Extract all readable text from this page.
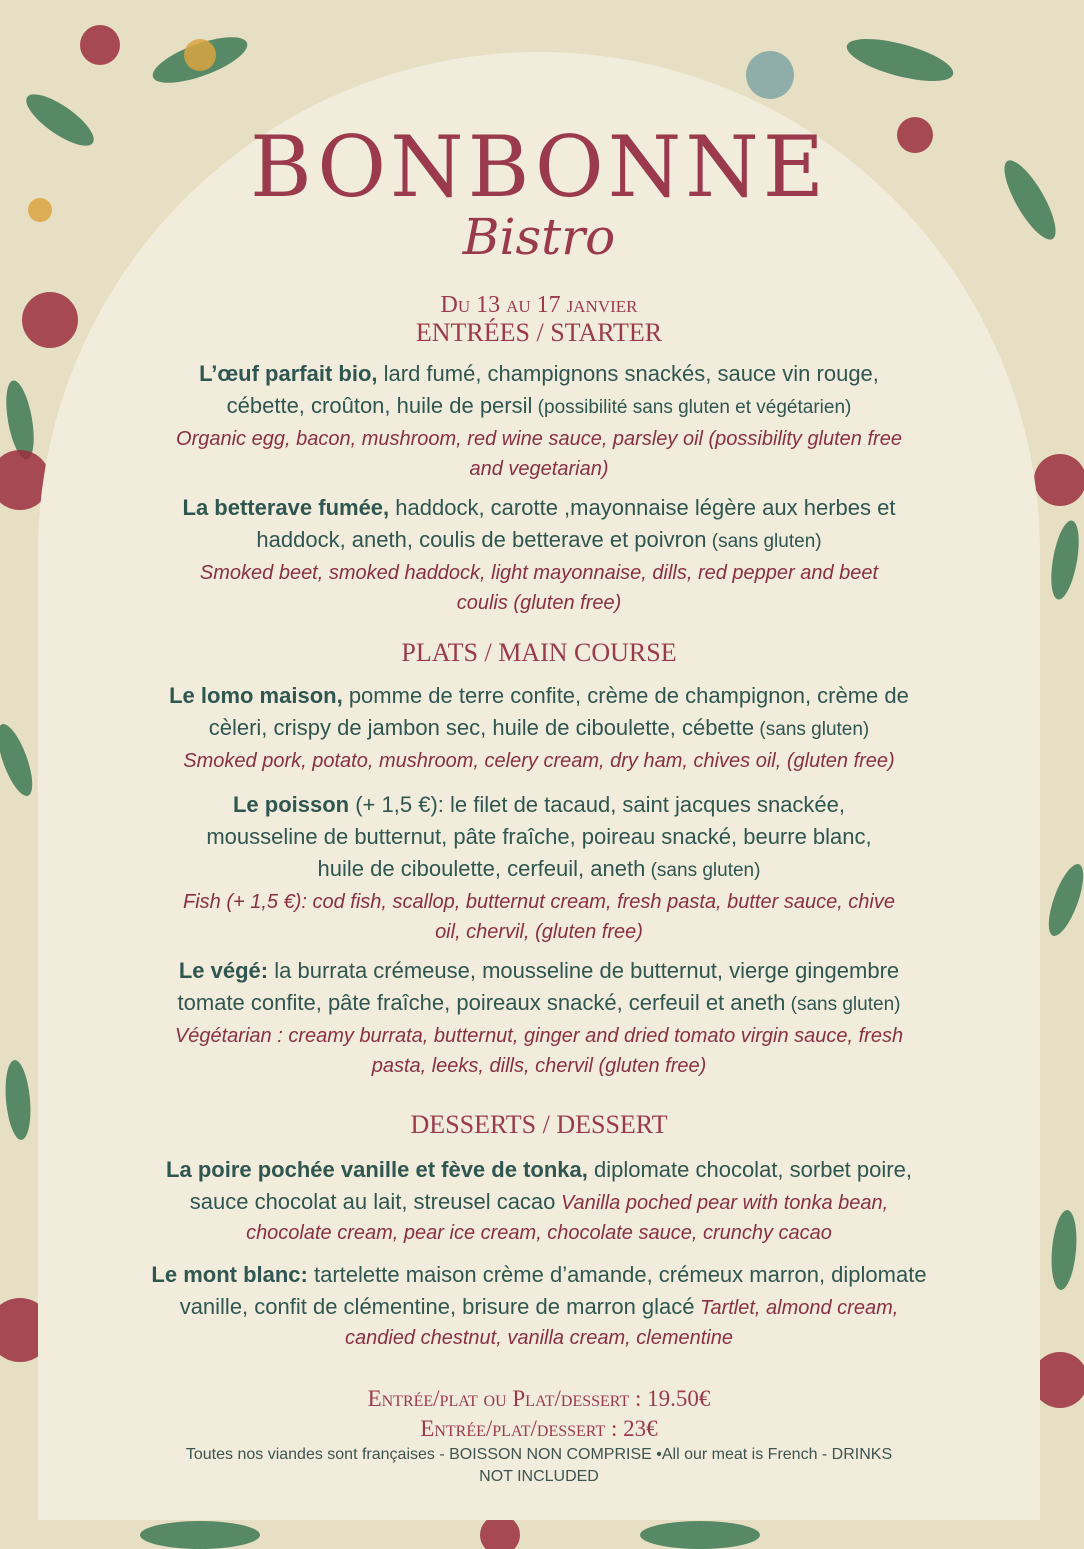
BONBONNE
Bistro
Du 13 au 17 janvier
ENTRÉES / STARTER
L’œuf parfait bio, lard fumé, champignons snackés, sauce vin rouge,
cébette, croûton, huile de persil (possibilité sans gluten et végétarien)
Organic egg, bacon, mushroom, red wine sauce, parsley oil (possibility gluten free
and vegetarian)
La betterave fumée, haddock, carotte ,mayonnaise légère aux herbes et
haddock, aneth, coulis de betterave et poivron (sans gluten)
Smoked beet, smoked haddock, light mayonnaise, dills, red pepper and beet
coulis (gluten free)
PLATS / MAIN COURSE
Le lomo maison, pomme de terre confite, crème de champignon, crème de
cèleri, crispy de jambon sec, huile de ciboulette, cébette (sans gluten)
Smoked pork, potato, mushroom, celery cream, dry ham, chives oil, (gluten free)
Le poisson (+ 1,5 €): le filet de tacaud, saint jacques snackée,
mousseline de butternut, pâte fraîche, poireau snacké, beurre blanc,
huile de ciboulette, cerfeuil, aneth (sans gluten)
Fish (+ 1,5 €): cod fish, scallop, butternut cream, fresh pasta, butter sauce, chive
oil, chervil, (gluten free)
Le végé: la burrata crémeuse, mousseline de butternut, vierge gingembre
tomate confite, pâte fraîche, poireaux snacké, cerfeuil et aneth (sans gluten)
Végétarian : creamy burrata, butternut, ginger and dried tomato virgin sauce, fresh
pasta, leeks, dills, chervil (gluten free)
DESSERTS / DESSERT
La poire pochée vanille et fève de tonka, diplomate chocolat, sorbet poire,
sauce chocolat au lait, streusel cacao Vanilla poched pear with tonka bean,
chocolate cream, pear ice cream, chocolate sauce, crunchy cacao
Le mont blanc: tartelette maison crème d’amande, crémeux marron, diplomate
vanille, confit de clémentine, brisure de marron glacé Tartlet, almond cream,
candied chestnut, vanilla cream, clementine
Entrée/plat ou Plat/dessert : 19.50€
Entrée/plat/dessert : 23€
Toutes nos viandes sont françaises - BOISSON NON COMPRISE •All our meat is French - DRINKS
NOT INCLUDED
